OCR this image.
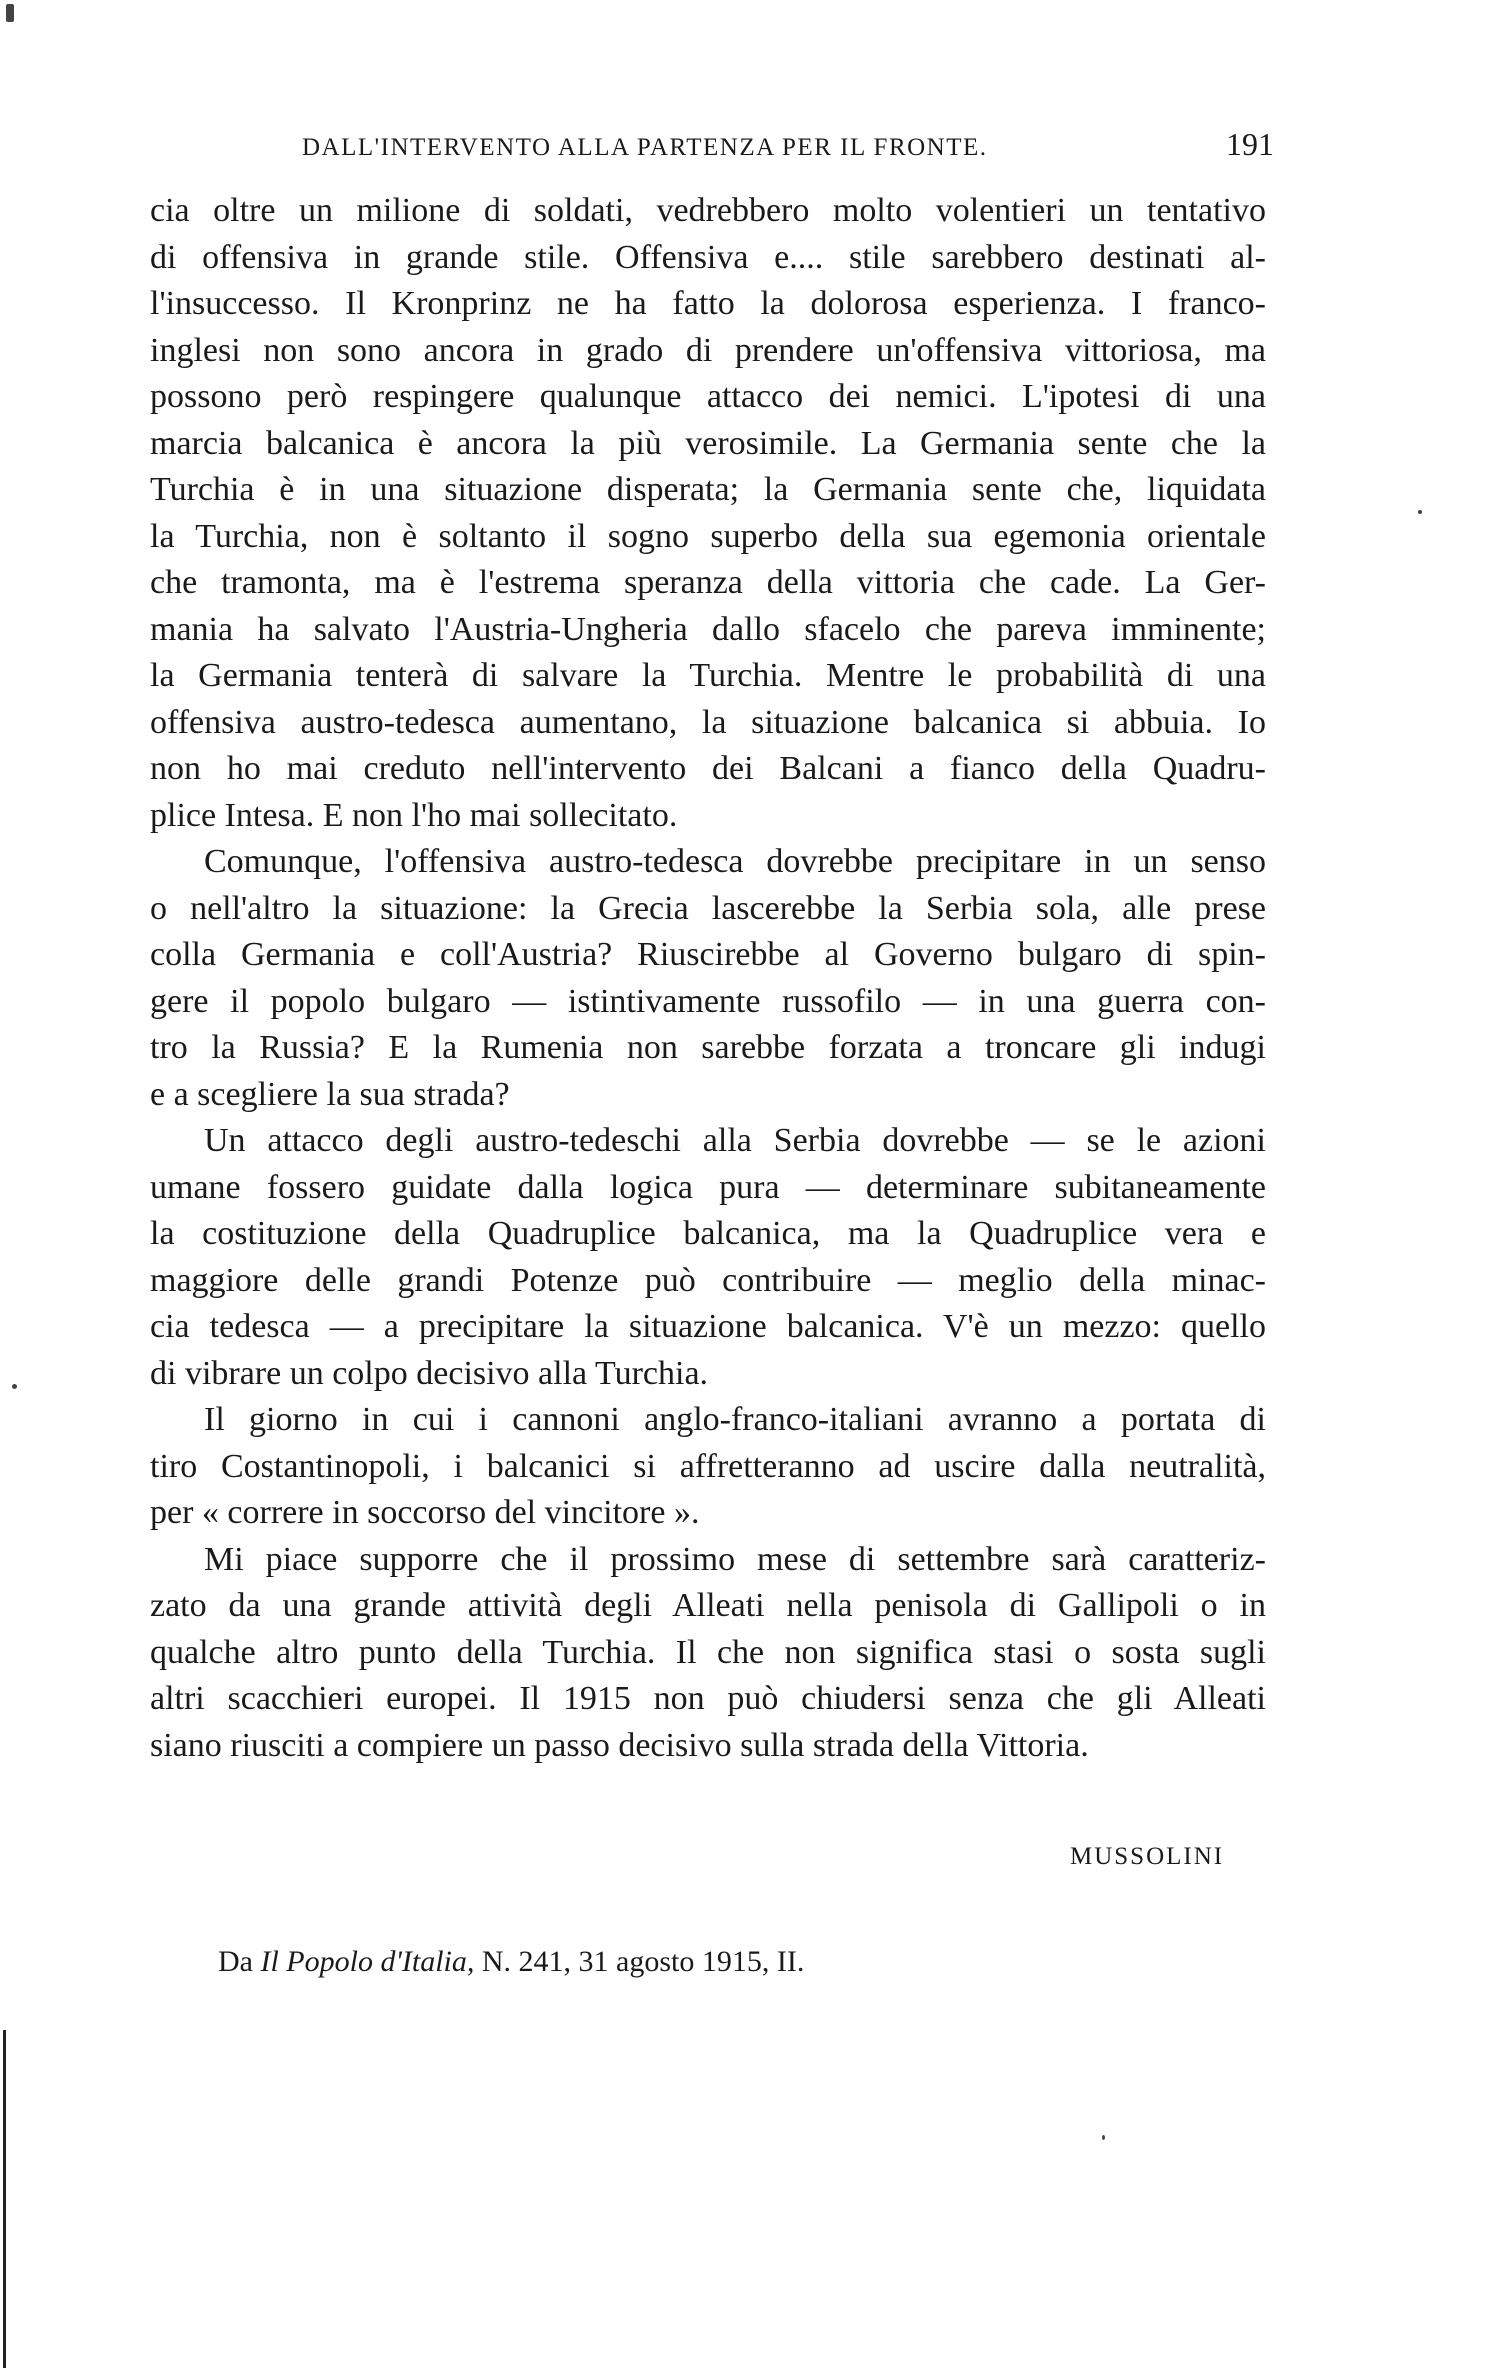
DALL'INTERVENTO ALLA PARTENZA PER IL FRONTE.	191
cia oltre un milione di soldati, vedrebbero molto volentieri un tentativo
di offensiva in grande stile. Offensiva e.... stile sarebbero destinati al-
l'insuccesso. Il Kronprinz ne ha fatto la dolorosa esperienza. I franco-
inglesi non sono ancora in grado di prendere un'offensiva vittoriosa, ma
possono però respingere qualunque attacco dei nemici. L'ipotesi di una
marcia balcanica è ancora la più verosimile. La Germania sente che la
Turchia è in una situazione disperata; la Germania sente che, liquidata
la Turchia, non è soltanto il sogno superbo della sua egemonia orientale
che tramonta, ma è l'estrema speranza della vittoria che cade. La Ger-
mania ha salvato l'Austria-Ungheria dallo sfacelo che pareva imminente;
la Germania tenterà di salvare la Turchia. Mentre le probabilità di una
offensiva austro-tedesca aumentano, la situazione balcanica si abbuia. Io
non ho mai creduto nell'intervento dei Balcani a fianco della Quadru-
plice Intesa. E non l'ho mai sollecitato.
Comunque, l'offensiva austro-tedesca dovrebbe precipitare in un senso
o nell'altro la situazione: la Grecia lascerebbe la Serbia sola, alle prese
colla Germania e coll'Austria? Riuscirebbe al Governo bulgaro di spin-
gere il popolo bulgaro — istintivamente russofilo — in una guerra con-
tro la Russia? E la Rumenia non sarebbe forzata a troncare gli indugi
e a scegliere la sua strada?
Un attacco degli austro-tedeschi alla Serbia dovrebbe — se le azioni
umane fossero guidate dalla logica pura — determinare subitaneamente
la costituzione della Quadruplice balcanica, ma la Quadruplice vera e
maggiore delle grandi Potenze può contribuire — meglio della minac-
cia tedesca — a precipitare la situazione balcanica. V'è un mezzo: quello
di vibrare un colpo decisivo alla Turchia.
Il giorno in cui i cannoni anglo-franco-italiani avranno a portata di
tiro Costantinopoli, i balcanici si affretteranno ad uscire dalla neutralità,
per « correre in soccorso del vincitore ».
Mi piace supporre che il prossimo mese di settembre sarà caratteriz-
zato da una grande attività degli Alleati nella penisola di Gallipoli o in
qualche altro punto della Turchia. Il che non significa stasi o sosta sugli
altri scacchieri europei. Il 1915 non può chiudersi senza che gli Alleati
siano riusciti a compiere un passo decisivo sulla strada della Vittoria.
MUSSOLINI
Da Il Popolo d'Italia, N. 241, 31 agosto 1915, II.
